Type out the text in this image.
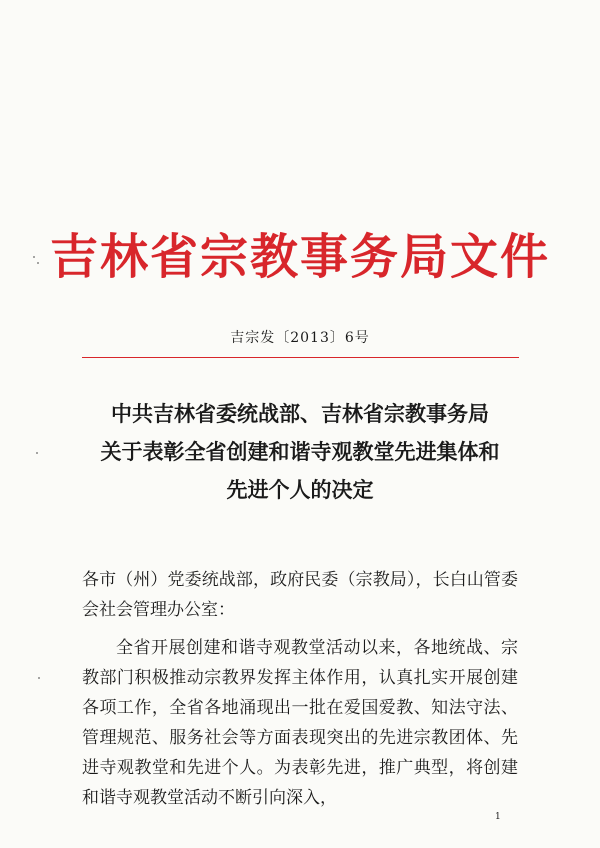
吉林省宗教事务局文件
吉宗发〔2013〕6号
中共吉林省委统战部、吉林省宗教事务局
关于表彰全省创建和谐寺观教堂先进集体和
先进个人的决定

各市（州）党委统战部，政府民委（宗教局），长白山管委会社会管理办公室：

全省开展创建和谐寺观教堂活动以来，各地统战、宗教部门积极推动宗教界发挥主体作用，认真扎实开展创建各项工作，全省各地涌现出一批在爱国爱教、知法守法、管理规范、服务社会等方面表现突出的先进宗教团体、先进寺观教堂和先进个人。为表彰先进，推广典型，将创建和谐寺观教堂活动不断引向深入，

1
